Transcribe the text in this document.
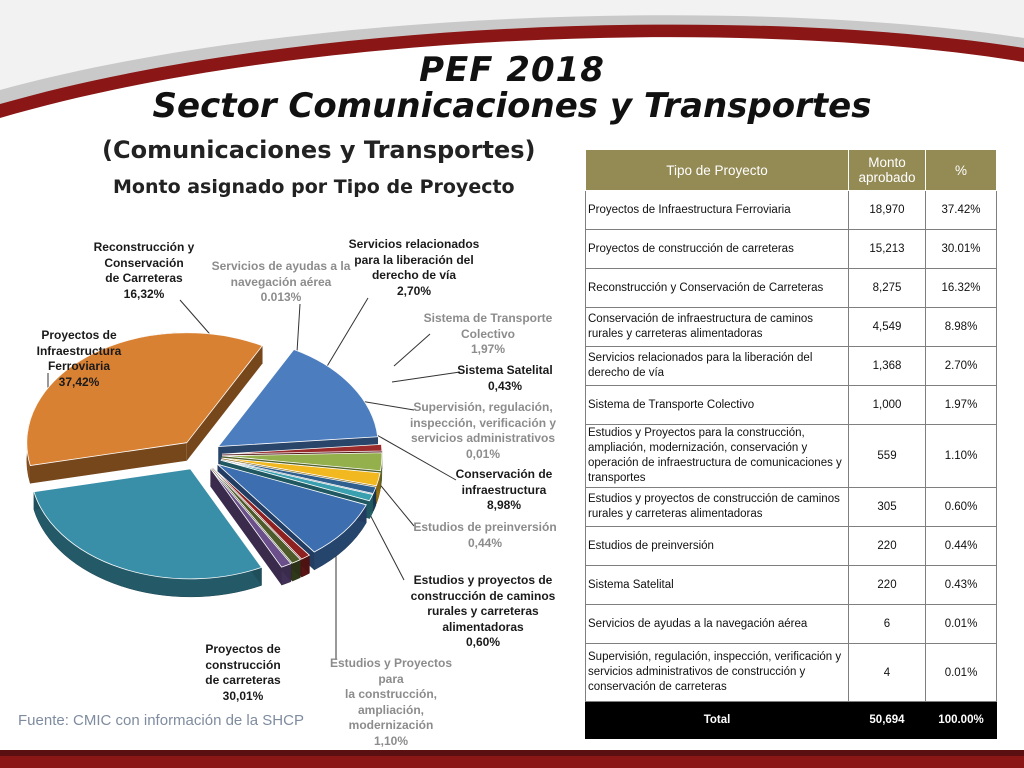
PEF 2018
Sector Comunicaciones y Transportes
(Comunicaciones y Transportes)
Monto asignado por Tipo de Proyecto
Proyectos de
Infraestructura Ferroviaria
37,42%
Reconstrucción y
Conservación
de Carreteras
16,32%
Servicios de ayudas a la
navegación aérea
0.013%
Servicios relacionados
para la liberación del
derecho de vía
2,70%
Sistema de Transporte
Colectivo
1,97%
Sistema Satelital
0,43%
Supervisión, regulación,
inspección, verificación y
servicios administrativos
0,01%
Conservación de
infraestructura
8,98%
Estudios de preinversión
0,44%
Estudios y proyectos de
construcción de caminos
rurales y carreteras
alimentadoras
0,60%
Estudios y Proyectos para
la construcción,
ampliación,
modernización
1,10%
Proyectos de construcción
de carreteras
30,01%
Fuente: CMIC con información de la SHCP
Tipo de Proyecto	Monto aprobado	%
Proyectos de Infraestructura Ferroviaria	18,970	37.42%
Proyectos de construcción de carreteras	15,213	30.01%
Reconstrucción y Conservación de Carreteras	8,275	16.32%
Conservación de infraestructura de caminos rurales y carreteras alimentadoras	4,549	8.98%
Servicios relacionados para la liberación del derecho de vía	1,368	2.70%
Sistema de Transporte Colectivo	1,000	1.97%
Estudios y Proyectos para la construcción, ampliación, modernización, conservación y operación de infraestructura de comunicaciones y transportes	559	1.10%
Estudios y proyectos de construcción de caminos rurales y carreteras alimentadoras	305	0.60%
Estudios de preinversión	220	0.44%
Sistema Satelital	220	0.43%
Servicios de ayudas a la navegación aérea	6	0.01%
Supervisión, regulación, inspección, verificación y servicios administrativos de construcción y conservación de carreteras	4	0.01%
Total	50,694	100.00%
